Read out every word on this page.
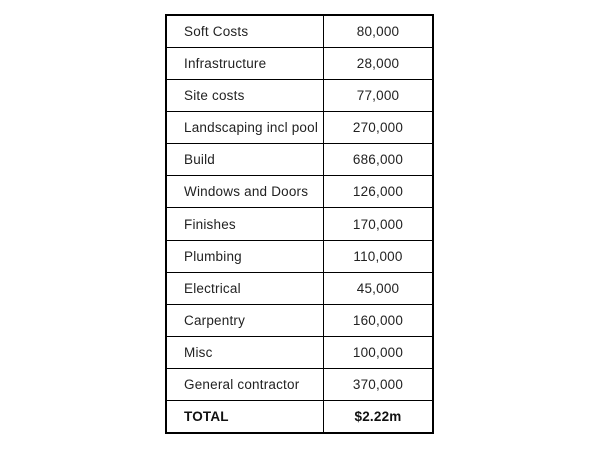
Soft Costs	80,000
Infrastructure	28,000
Site costs	77,000
Landscaping incl pool	270,000
Build	686,000
Windows and Doors	126,000
Finishes	170,000
Plumbing	110,000
Electrical	45,000
Carpentry	160,000
Misc	100,000
General contractor	370,000
TOTAL	$2.22m
